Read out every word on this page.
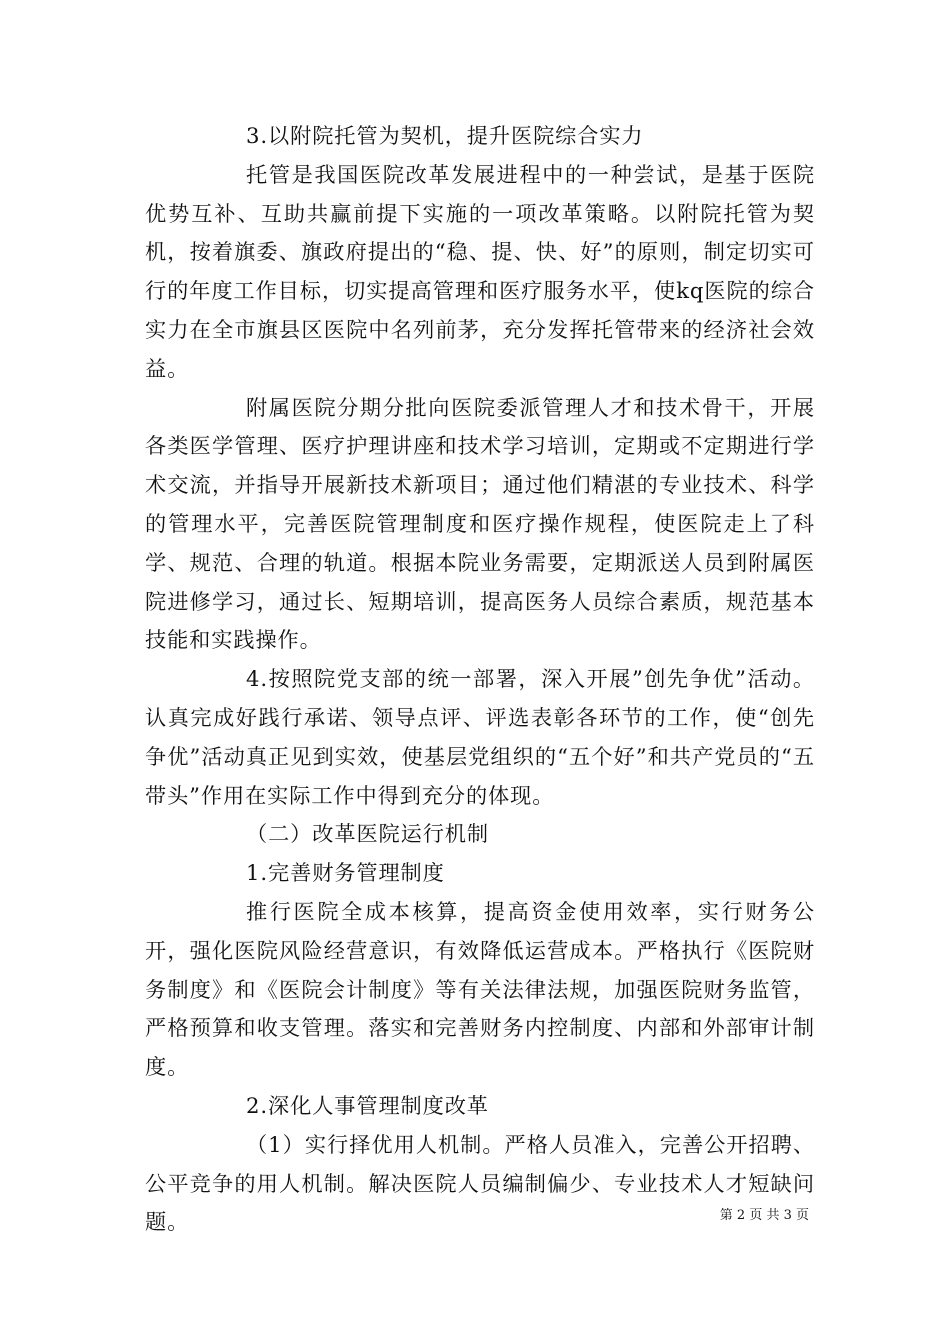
3.以附院托管为契机，提升医院综合实力

托管是我国医院改革发展进程中的一种尝试，是基于医院优势互补、互助共赢前提下实施的一项改革策略。以附院托管为契机，按着旗委、旗政府提出的“稳、提、快、好”的原则，制定切实可行的年度工作目标，切实提高管理和医疗服务水平，使kq医院的综合实力在全市旗县区医院中名列前茅，充分发挥托管带来的经济社会效益。

附属医院分期分批向医院委派管理人才和技术骨干，开展各类医学管理、医疗护理讲座和技术学习培训，定期或不定期进行学术交流，并指导开展新技术新项目；通过他们精湛的专业技术、科学的管理水平，完善医院管理制度和医疗操作规程，使医院走上了科学、规范、合理的轨道。根据本院业务需要，定期派送人员到附属医院进修学习，通过长、短期培训，提高医务人员综合素质，规范基本技能和实践操作。

4.按照院党支部的统一部署，深入开展”创先争优”活动。认真完成好践行承诺、领导点评、评选表彰各环节的工作，使“创先争优”活动真正见到实效，使基层党组织的“五个好”和共产党员的“五带头”作用在实际工作中得到充分的体现。

（二）改革医院运行机制

1.完善财务管理制度

推行医院全成本核算，提高资金使用效率，实行财务公开，强化医院风险经营意识，有效降低运营成本。严格执行《医院财务制度》和《医院会计制度》等有关法律法规，加强医院财务监管，严格预算和收支管理。落实和完善财务内控制度、内部和外部审计制度。

2.深化人事管理制度改革

（1）实行择优用人机制。严格人员准入，完善公开招聘、公平竞争的用人机制。解决医院人员编制偏少、专业技术人才短缺问题。	第 2 页 共 3 页
